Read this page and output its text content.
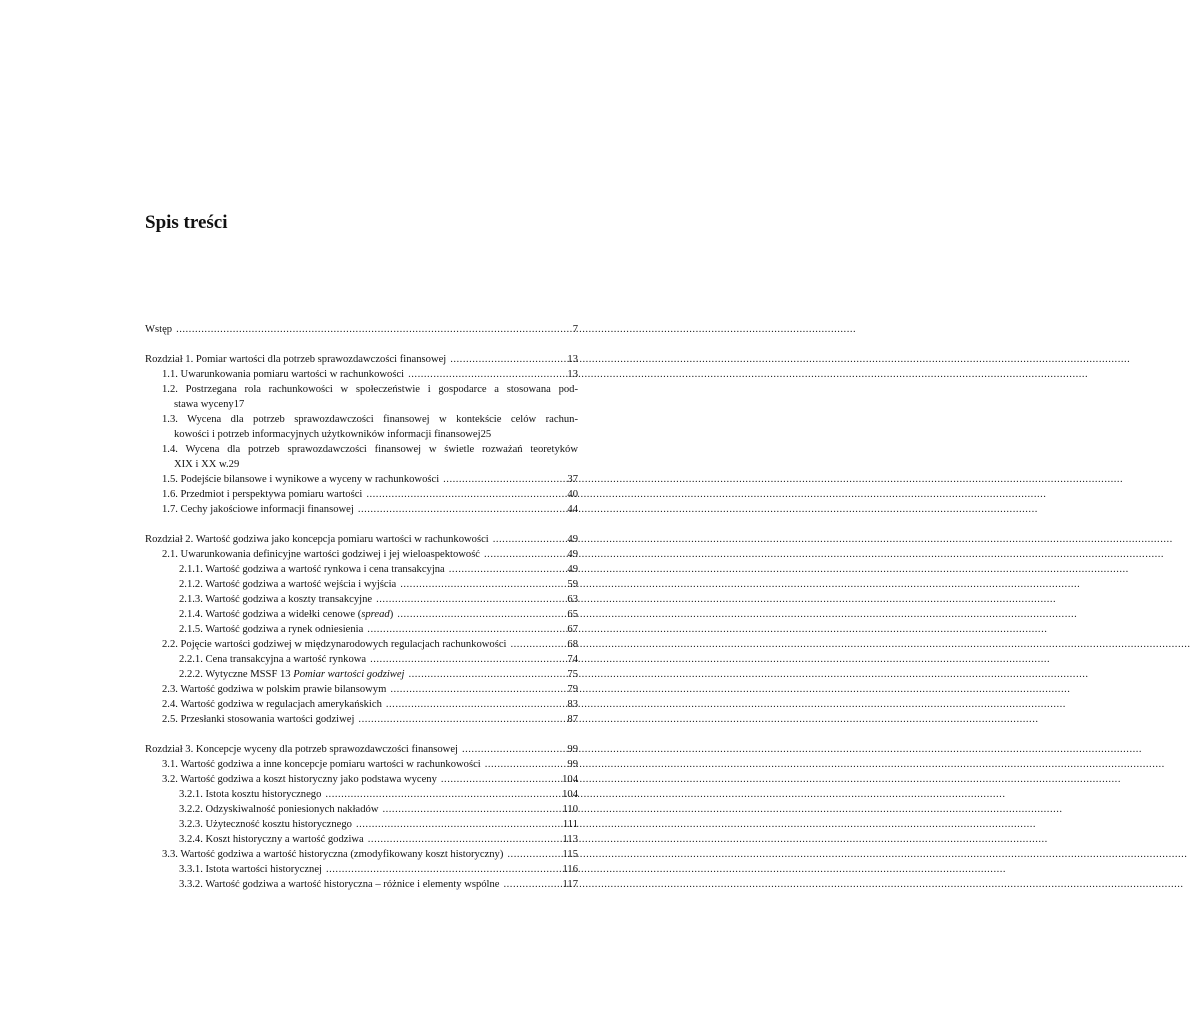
Spis treści
Wstęp .....	7
Rozdział 1. Pomiar wartości dla potrzeb sprawozdawczości finansowej .....	13
1.1. Uwarunkowania pomiaru wartości w rachunkowości .....	13
1.2. Postrzegana rola rachunkowości w społeczeństwie i gospodarce a stosowana pod-
stawa wyceny 17
1.3. Wycena dla potrzeb sprawozdawczości finansowej w kontekście celów rachun-
kowości i potrzeb informacyjnych użytkowników informacji finansowej 25
1.4. Wycena dla potrzeb sprawozdawczości finansowej w świetle rozważań teoretyków
XIX i XX w. 29
1.5. Podejście bilansowe i wynikowe a wyceny w rachunkowości .....	37
1.6. Przedmiot i perspektywa pomiaru wartości .....	40
1.7. Cechy jakościowe informacji finansowej .....	44
Rozdział 2. Wartość godziwa jako koncepcja pomiaru wartości w rachunkowości .....	49
2.1. Uwarunkowania definicyjne wartości godziwej i jej wieloaspektowość .....	49
2.1.1. Wartość godziwa a wartość rynkowa i cena transakcyjna .....	49
2.1.2. Wartość godziwa a wartość wejścia i wyjścia .....	59
2.1.3. Wartość godziwa a koszty transakcyjne .....	63
2.1.4. Wartość godziwa a widełki cenowe (spread) .....	65
2.1.5. Wartość godziwa a rynek odniesienia .....	67
2.2. Pojęcie wartości godziwej w międzynarodowych regulacjach rachunkowości .....	68
2.2.1. Cena transakcyjna a wartość rynkowa .....	74
2.2.2. Wytyczne MSSF 13 Pomiar wartości godziwej .....	75
2.3. Wartość godziwa w polskim prawie bilansowym .....	79
2.4. Wartość godziwa w regulacjach amerykańskich .....	83
2.5. Przesłanki stosowania wartości godziwej .....	87
Rozdział 3. Koncepcje wyceny dla potrzeb sprawozdawczości finansowej .....	99
3.1. Wartość godziwa a inne koncepcje pomiaru wartości w rachunkowości .....	99
3.2. Wartość godziwa a koszt historyczny jako podstawa wyceny .....	104
3.2.1. Istota kosztu historycznego .....	104
3.2.2. Odzyskiwalność poniesionych nakładów .....	110
3.2.3. Użyteczność kosztu historycznego .....	111
3.2.4. Koszt historyczny a wartość godziwa .....	113
3.3. Wartość godziwa a wartość historyczna (zmodyfikowany koszt historyczny) .....	115
3.3.1. Istota wartości historycznej .....	116
3.3.2. Wartość godziwa a wartość historyczna – różnice i elementy wspólne .....	117
